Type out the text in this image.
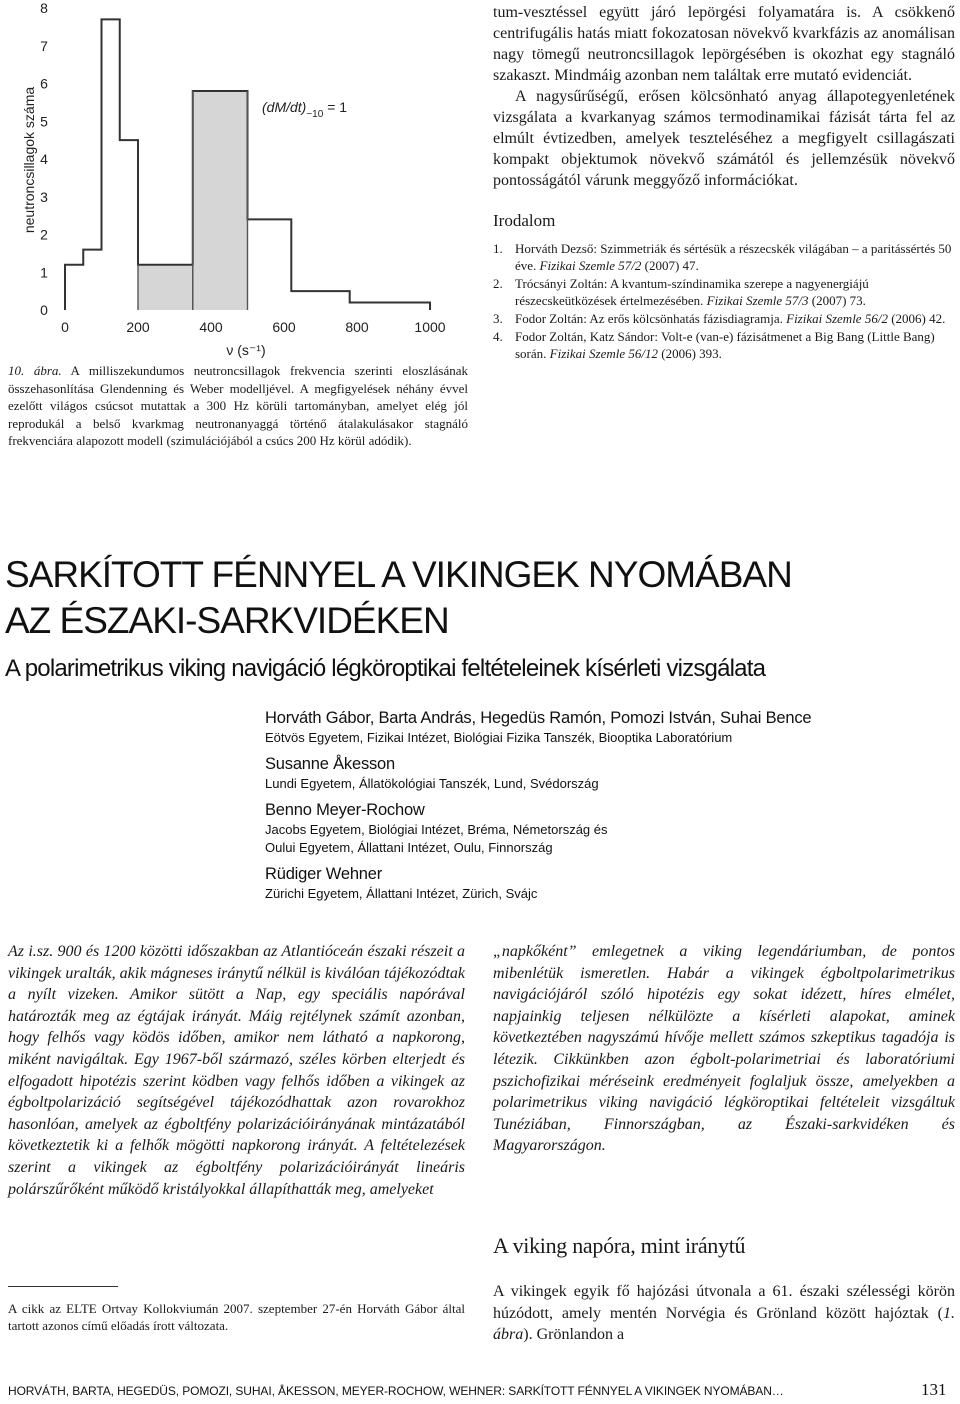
0
1
2
3
4
5
6
7
8
0	200	400	600	800	1000
neutroncsillagok száma
ν (s⁻¹)
$(dM/dt)_{-10} = 1$

10. ábra. A milliszekundumos neutroncsillagok frekvencia szerinti eloszlásának összehasonlítása Glendenning és Weber modelljével. A megfigyelések néhány évvel ezelőtt világos csúcsot mutattak a 300 Hz körüli tartományban, amelyet elég jól reprodukál a belső kvarkmag neutronanyaggá történő átalakulásakor stagnáló frekvenciára alapozott modell (szimulációjából a csúcs 200 Hz körül adódik).

tum-vesztéssel együtt járó lepörgési folyamatára is. A csökkenő centrifugális hatás miatt fokozatosan növekvő kvarkfázis az anomálisan nagy tömegű neutroncsillagok lepörgésében is okozhat egy stagnáló szakaszt. Mindmáig azonban nem találtak erre mutató evidenciát.

A nagysűrűségű, erősen kölcsönható anyag állapotegyenletének vizsgálata a kvarkanyag számos termodinamikai fázisát tárta fel az elmúlt évtizedben, amelyek teszteléséhez a megfigyelt csillagászati kompakt objektumok növekvő számától és jellemzésük növekvő pontosságától várunk meggyőző információkat.

Irodalom
1. Horváth Dezső: Szimmetriák és sértésük a részecskék világában – a paritássértés 50 éve. Fizikai Szemle 57/2 (2007) 47.
2. Trócsányi Zoltán: A kvantum-színdinamika szerepe a nagyenergiájú részecskeütközések értelmezésében. Fizikai Szemle 57/3 (2007) 73.
3. Fodor Zoltán: Az erős kölcsönhatás fázisdiagramja. Fizikai Szemle 56/2 (2006) 42.
4. Fodor Zoltán, Katz Sándor: Volt-e (van-e) fázisátmenet a Big Bang (Little Bang) során. Fizikai Szemle 56/12 (2006) 393.
SARKÍTOTT FÉNNYEL A VIKINGEK NYOMÁBAN
AZ ÉSZAKI-SARKVIDÉKEN
A polarimetrikus viking navigáció légköroptikai feltételeinek kísérleti vizsgálata
Horváth Gábor, Barta András, Hegedüs Ramón, Pomozi István, Suhai Bence
Eötvös Egyetem, Fizikai Intézet, Biológiai Fizika Tanszék, Biooptika Laboratórium
Susanne Åkesson
Lundi Egyetem, Állatökológiai Tanszék, Lund, Svédország
Benno Meyer-Rochow
Jacobs Egyetem, Biológiai Intézet, Bréma, Németország és
Oului Egyetem, Állattani Intézet, Oulu, Finnország
Rüdiger Wehner
Zürichi Egyetem, Állattani Intézet, Zürich, Svájc

Az i.sz. 900 és 1200 közötti időszakban az Atlantióceán északi részeit a vikingek uralták, akik mágneses iránytű nélkül is kiválóan tájékozódtak a nyílt vizeken. Amikor sütött a Nap, egy speciális napórával határozták meg az égtájak irányát. Máig rejtélynek számít azonban, hogy felhős vagy ködös időben, amikor nem látható a napkorong, miként navigáltak. Egy 1967-ből származó, széles körben elterjedt és elfogadott hipotézis szerint ködben vagy felhős időben a vikingek az égboltpolarizáció segítségével tájékozódhattak azon rovarokhoz hasonlóan, amelyek az égboltfény polarizációirányának mintázatából következtetik ki a felhők mögötti napkorong irányát. A feltételezések szerint a vikingek az égboltfény polarizációirányát lineáris polárszűrőként működő kristályokkal állapíthatták meg, amelyeket

A cikk az ELTE Ortvay Kollokviumán 2007. szeptember 27-én Horváth Gábor által tartott azonos című előadás írott változata.

„napkőként” emlegetnek a viking legendáriumban, de pontos mibenlétük ismeretlen. Habár a vikingek égboltpolarimetrikus navigációjáról szóló hipotézis egy sokat idézett, híres elmélet, napjainkig teljesen nélkülözte a kísérleti alapokat, aminek következtében nagyszámú hívője mellett számos szkeptikus tagadója is létezik. Cikkünkben azon égbolt-polarimetriai és laboratóriumi pszichofizikai méréseink eredményeit foglaljuk össze, amelyekben a polarimetrikus viking navigáció légköroptikai feltételeit vizsgáltuk Tunéziában, Finnországban, az Északi-sarkvidéken és Magyarországon.

A viking napóra, mint iránytű

A vikingek egyik fő hajózási útvonala a 61. északi szélességi körön húzódott, amely mentén Norvégia és Grönland között hajóztak (1. ábra). Grönlandon a

HORVÁTH, BARTA, HEGEDÜS, POMOZI, SUHAI, ÅKESSON, MEYER-ROCHOW, WEHNER: SARKÍTOTT FÉNNYEL A VIKINGEK NYOMÁBAN…	131
